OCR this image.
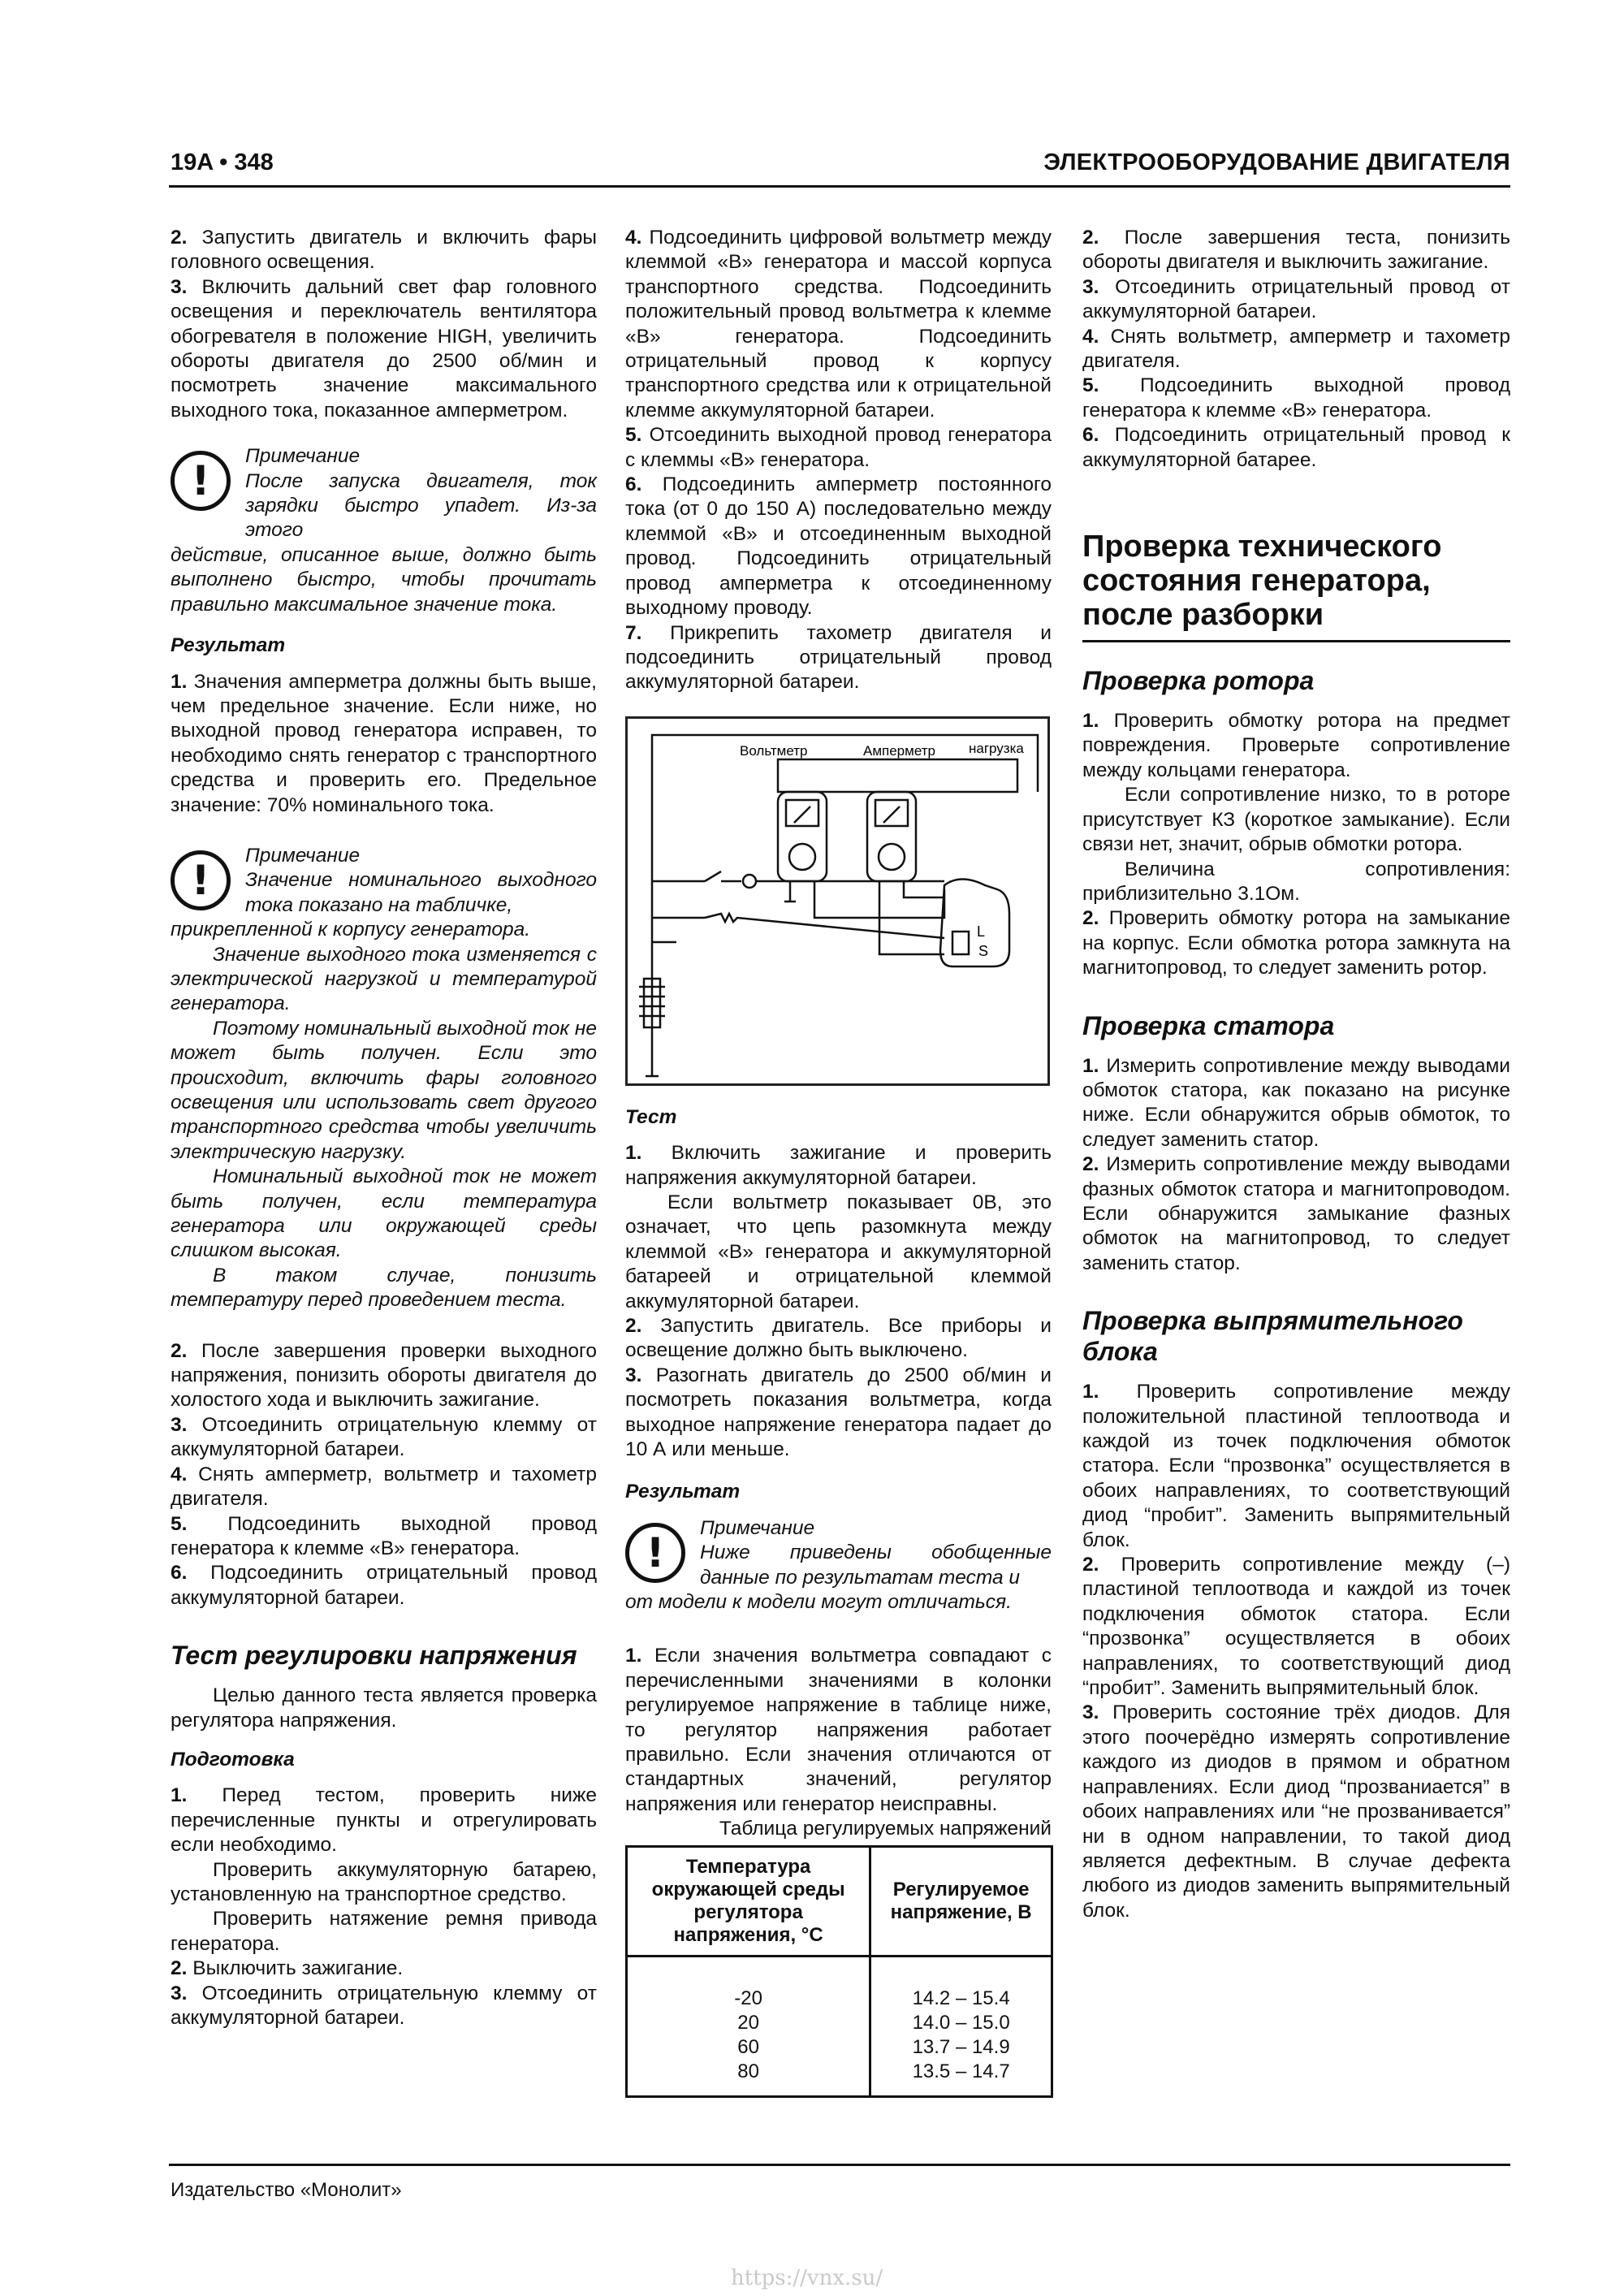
19A • 348	ЭЛЕКТРООБОРУДОВАНИЕ ДВИГАТЕЛЯ

2. Запустить двигатель и включить фары головного освещения.

3. Включить дальний свет фар головного освещения и переключатель вентилятора обогревателя в положение HIGH, увеличить обороты двигателя до 2500 об/мин и посмотреть значение максимального выходного тока, показанное амперметром.

!

Примечание

После запуска двигателя, ток зарядки быстро упадет. Из-за этого

действие, описанное выше, должно быть выполнено быстро, чтобы прочитать правильно максимальное значение тока.

Результат

1. Значения амперметра должны быть выше, чем предельное значение. Если ниже, но выходной провод генератора исправен, то необходимо снять генератор с транспортного средства и проверить его. Предельное значение: 70% номинального тока.

!

Примечание

Значение номинального выходного тока показано на табличке,

прикрепленной к корпусу генератора.

Значение выходного тока изменяется с электрической нагрузкой и температурой генератора.

Поэтому номинальный выходной ток не может быть получен. Если это происходит, включить фары головного освещения или использовать свет другого транспортного средства чтобы увеличить электрическую нагрузку.

Номинальный выходной ток не может быть получен, если температура генератора или окружающей среды слишком высокая.

В таком случае, понизить температуру перед проведением теста.

2. После завершения проверки выходного напряжения, понизить обороты двигателя до холостого хода и выключить зажигание.

3. Отсоединить отрицательную клемму от аккумуляторной батареи.

4. Снять амперметр, вольтметр и тахометр двигателя.

5. Подсоединить выходной провод генератора к клемме «В» генератора.

6. Подсоединить отрицательный провод аккумуляторной батареи.

Тест регулировки напряжения

Целью данного теста является проверка регулятора напряжения.

Подготовка

1. Перед тестом, проверить ниже перечисленные пункты и отрегулировать если необходимо.

Проверить аккумуляторную батарею, установленную на транспортное средство.

Проверить натяжение ремня привода генератора.

2. Выключить зажигание.

3. Отсоединить отрицательную клемму от аккумуляторной батареи.

4. Подсоединить цифровой вольтметр между клеммой «В» генератора и массой корпуса транспортного средства. Подсоединить положительный провод вольтметра к клемме «В» генератора. Подсоединить отрицательный провод к корпусу транспортного средства или к отрицательной клемме аккумуляторной батареи.

5. Отсоединить выходной провод генератора с клеммы «В» генератора.

6. Подсоединить амперметр постоянного тока (от 0 до 150 А) последовательно между клеммой «В» и отсоединенным выходной провод. Подсоединить отрицательный провод амперметра к отсоединенному выходному проводу.

7. Прикрепить тахометр двигателя и подсоединить отрицательный провод аккумуляторной батареи.

Вольтметр	Амперметр нагрузка
L
S

Тест

1. Включить зажигание и проверить напряжения аккумуляторной батареи.

Если вольтметр показывает 0В, это означает, что цепь разомкнута между клеммой «В» генератора и аккумуляторной батареей и отрицательной клеммой аккумуляторной батареи.

2. Запустить двигатель. Все приборы и освещение должно быть выключено.

3. Разогнать двигатель до 2500 об/мин и посмотреть показания вольтметра, когда выходное напряжение генератора падает до 10 А или меньше.

Результат

!

Примечание

Ниже приведены обобщенные данные по результатам теста и

от модели к модели могут отличаться.

1. Если значения вольтметра совпадают с перечисленными значениями в колонки регулируемое напряжение в таблице ниже, то регулятор напряжения работает правильно. Если значения отличаются от стандартных значений, регулятор напряжения или генератор неисправны.

Таблица регулируемых напряжений

Температура окружающей среды регулятора напряжения, °С	Регулируемое напряжение, В

-20	14.2 – 15.4
20	14.0 – 15.0
60	13.7 – 14.9
80	13.5 – 14.7

2. После завершения теста, понизить обороты двигателя и выключить зажигание.

3. Отсоединить отрицательный провод от аккумуляторной батареи.

4. Снять вольтметр, амперметр и тахометр двигателя.

5. Подсоединить выходной провод генератора к клемме «В» генератора.

6. Подсоединить отрицательный провод к аккумуляторной батарее.

Проверка технического состояния генератора, после разборки

Проверка ротора

1. Проверить обмотку ротора на предмет повреждения. Проверьте сопротивление между кольцами генератора.

Если сопротивление низко, то в роторе присутствует КЗ (короткое замыкание). Если связи нет, значит, обрыв обмотки ротора.

Величина сопротивления: приблизительно 3.1Ом.

2. Проверить обмотку ротора на замыкание на корпус. Если обмотка ротора замкнута на магнитопровод, то следует заменить ротор.

Проверка статора

1. Измерить сопротивление между выводами обмоток статора, как показано на рисунке ниже. Если обнаружится обрыв обмоток, то следует заменить статор.

2. Измерить сопротивление между выводами фазных обмоток статора и магнитопроводом. Если обнаружится замыкание фазных обмоток на магнитопровод, то следует заменить статор.

Проверка выпрямительного блока

1. Проверить сопротивление между положительной пластиной теплоотвода и каждой из точек подключения обмоток статора. Если “прозвонка” осуществляется в обоих направлениях, то соответствующий диод “пробит”. Заменить выпрямительный блок.

2. Проверить сопротивление между (–) пластиной теплоотвода и каждой из точек подключения обмоток статора. Если “прозвонка” осуществляется в обоих направлениях, то соответствующий диод “пробит”. Заменить выпрямительный блок.

3. Проверить состояние трёх диодов. Для этого поочерёдно измерять сопротивление каждого из диодов в прямом и обратном направлениях. Если диод “прозваниается” в обоих направлениях или “не прозванивается” ни в одном направлении, то такой диод является дефектным. В случае дефекта любого из диодов заменить выпрямительный блок.

Издательство «Монолит»
https://vnx.su/
